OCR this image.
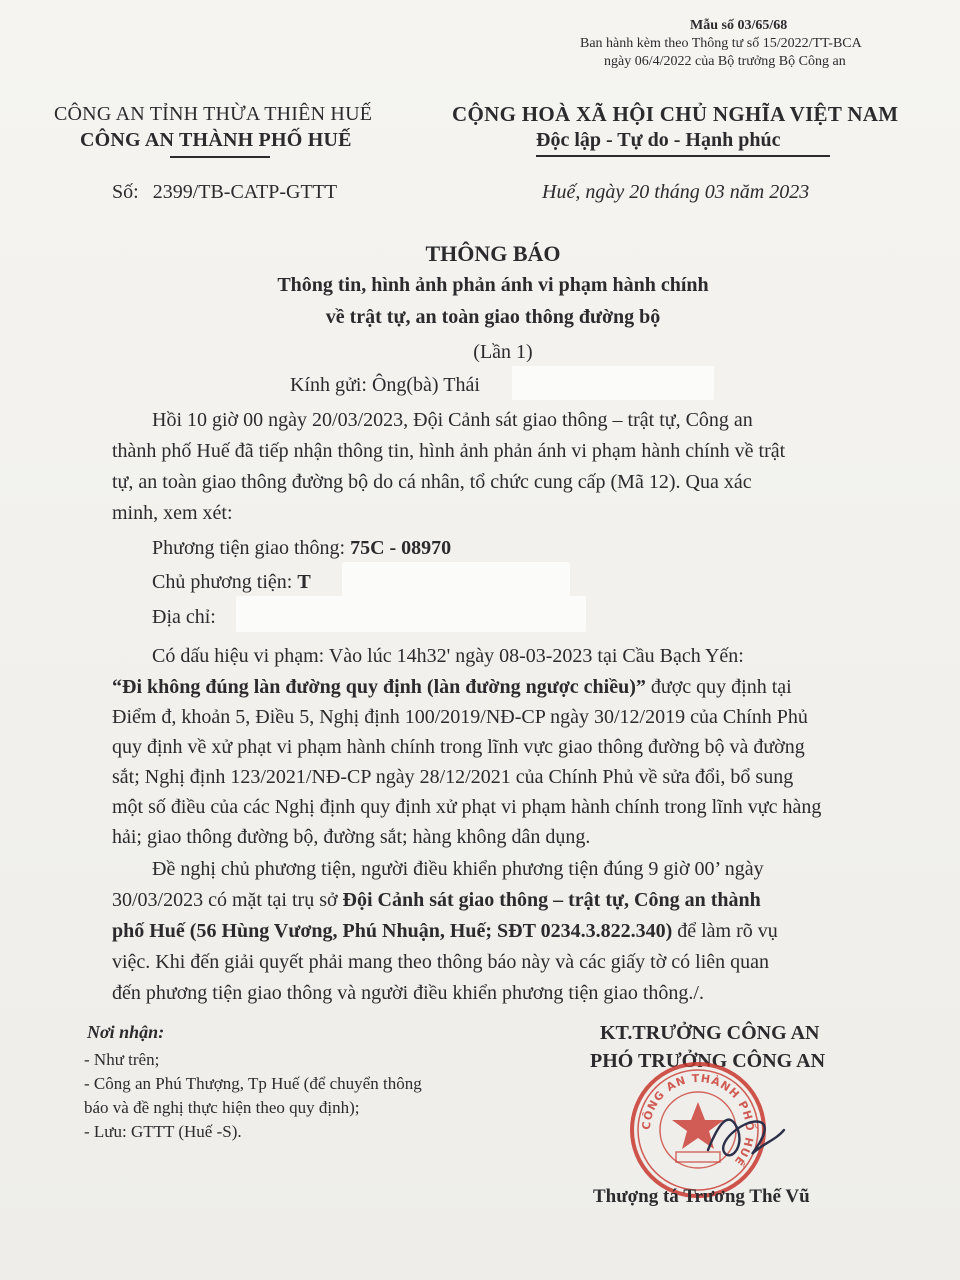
Mẫu số 03/65/68
Ban hành kèm theo Thông tư số 15/2022/TT-BCA
ngày 06/4/2022 của Bộ trưởng Bộ Công an
CÔNG AN TỈNH THỪA THIÊN HUẾ
CÔNG AN THÀNH PHỐ HUẾ
CỘNG HOÀ XÃ HỘI CHỦ NGHĨA VIỆT NAM
Độc lập - Tự do - Hạnh phúc
Số: 2399/TB-CATP-GTTT	Huế, ngày 20 tháng 03 năm 2023
THÔNG BÁO
Thông tin, hình ảnh phản ánh vi phạm hành chính
về trật tự, an toàn giao thông đường bộ
(Lần 1)
Kính gửi: Ông(bà) Thái
Hồi 10 giờ 00 ngày 20/03/2023, Đội Cảnh sát giao thông – trật tự, Công an
thành phố Huế đã tiếp nhận thông tin, hình ảnh phản ánh vi phạm hành chính về trật
tự, an toàn giao thông đường bộ do cá nhân, tổ chức cung cấp (Mã 12). Qua xác
minh, xem xét:
Phương tiện giao thông: 75C - 08970
Chủ phương tiện: T
Địa chỉ:
Có dấu hiệu vi phạm: Vào lúc 14h32' ngày 08-03-2023 tại Cầu Bạch Yến:
“Đi không đúng làn đường quy định (làn đường ngược chiều)” được quy định tại
Điểm đ, khoản 5, Điều 5, Nghị định 100/2019/NĐ-CP ngày 30/12/2019 của Chính Phủ
quy định về xử phạt vi phạm hành chính trong lĩnh vực giao thông đường bộ và đường
sắt; Nghị định 123/2021/NĐ-CP ngày 28/12/2021 của Chính Phủ về sửa đổi, bổ sung
một số điều của các Nghị định quy định xử phạt vi phạm hành chính trong lĩnh vực hàng
hải; giao thông đường bộ, đường sắt; hàng không dân dụng.
Đề nghị chủ phương tiện, người điều khiển phương tiện đúng 9 giờ 00’ ngày
30/03/2023 có mặt tại trụ sở Đội Cảnh sát giao thông – trật tự, Công an thành
phố Huế (56 Hùng Vương, Phú Nhuận, Huế; SĐT 0234.3.822.340) để làm rõ vụ
việc. Khi đến giải quyết phải mang theo thông báo này và các giấy tờ có liên quan
đến phương tiện giao thông và người điều khiển phương tiện giao thông./.
Nơi nhận:
- Như trên;
- Công an Phú Thượng, Tp Huế (để chuyển thông
báo và đề nghị thực hiện theo quy định);
- Lưu: GTTT (Huế -S).
KT.TRƯỞNG CÔNG AN
PHÓ TRƯỞNG CÔNG AN
CÔNG AN THÀNH PHỐ HUẾ
Thượng tá Trương Thế Vũ
